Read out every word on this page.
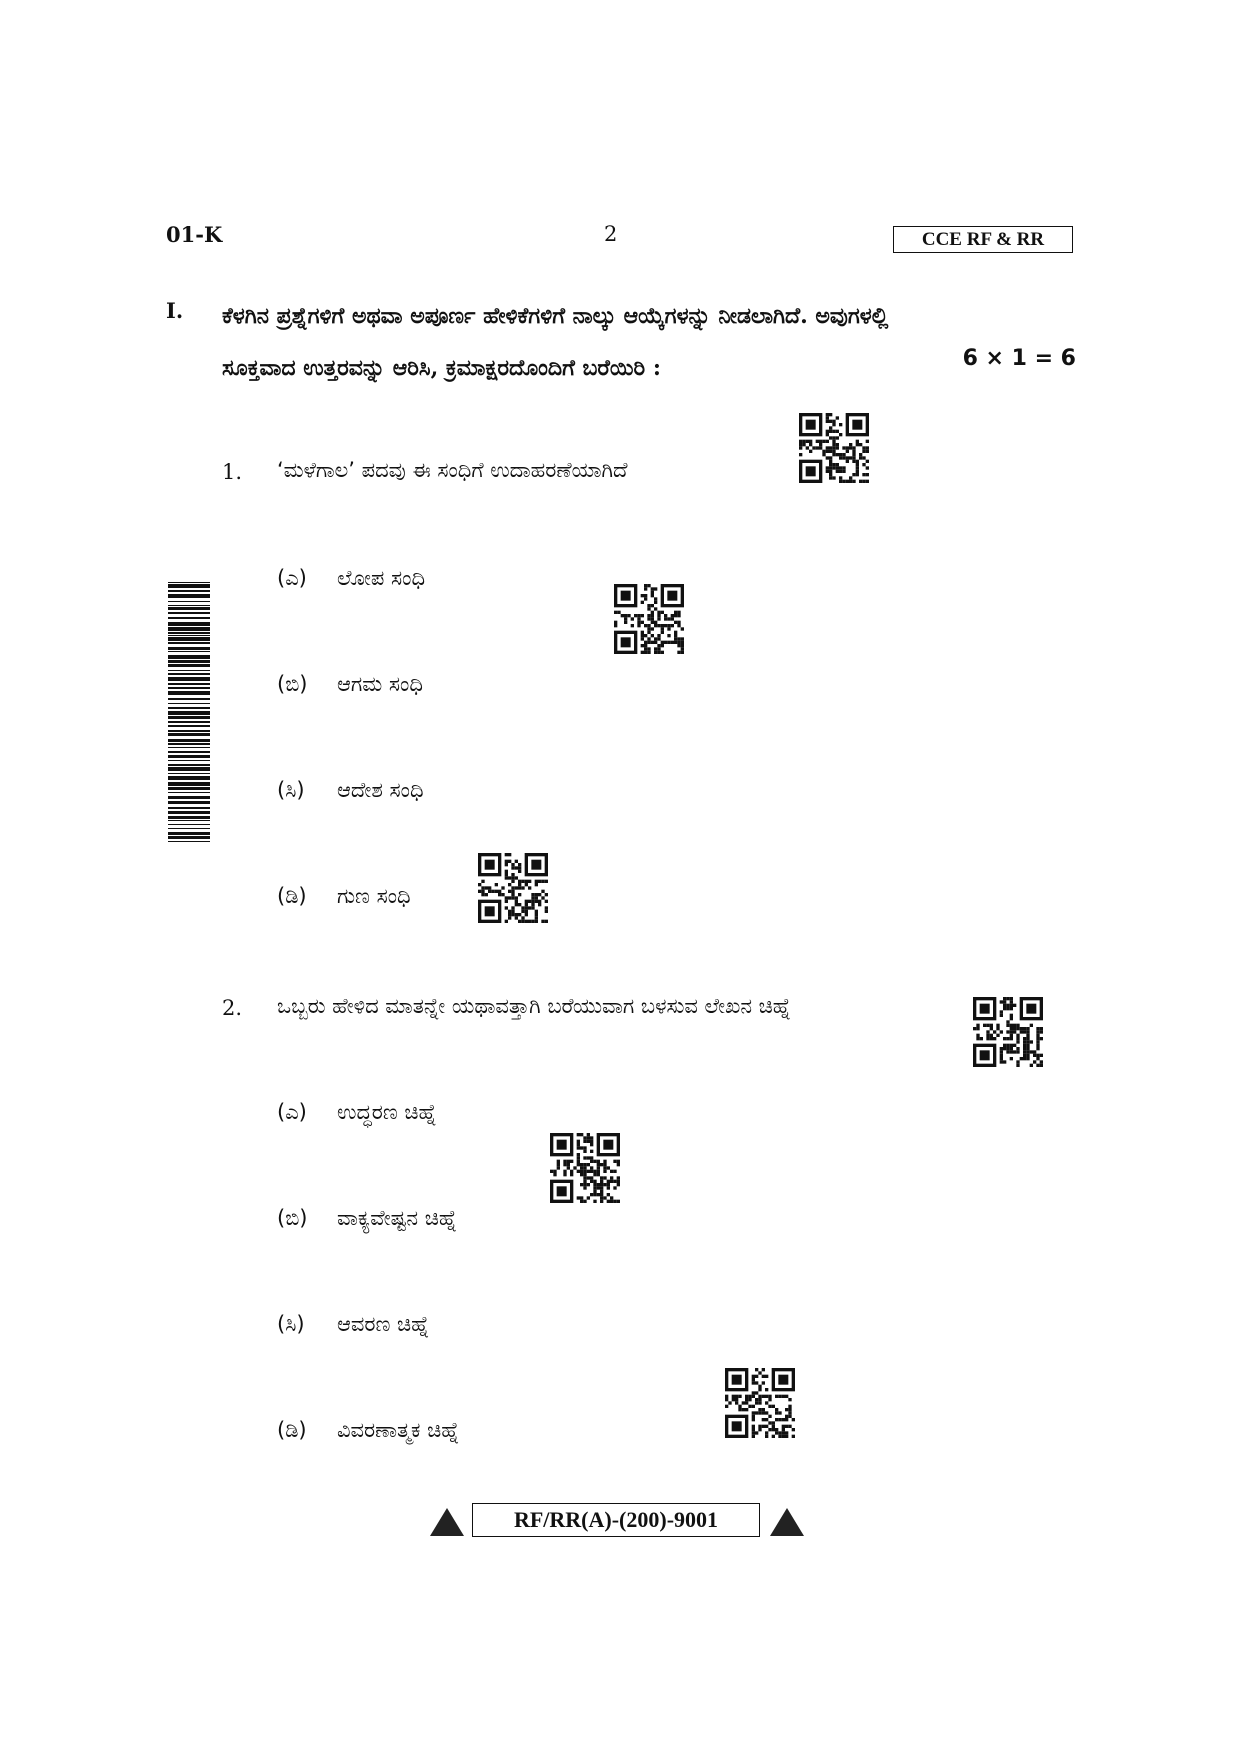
01-K	2	CCE RF & RR
I. ಕೆಳಗಿನ ಪ್ರಶ್ನೆಗಳಿಗೆ ಅಥವಾ ಅಪೂರ್ಣ ಹೇಳಿಕೆಗಳಿಗೆ ನಾಲ್ಕು ಆಯ್ಕೆಗಳನ್ನು ನೀಡಲಾಗಿದೆ. ಅವುಗಳಲ್ಲಿ
ಸೂಕ್ತವಾದ ಉತ್ತರವನ್ನು ಆರಿಸಿ, ಕ್ರಮಾಕ್ಷರದೊಂದಿಗೆ ಬರೆಯಿರಿ :	6 × 1 = 6
1. ‘ಮಳೆಗಾಲ’ ಪದವು ಈ ಸಂಧಿಗೆ ಉದಾಹರಣೆಯಾಗಿದೆ
(ಎ) ಲೋಪ ಸಂಧಿ
(ಬಿ) ಆಗಮ ಸಂಧಿ
(ಸಿ) ಆದೇಶ ಸಂಧಿ
(ಡಿ) ಗುಣ ಸಂಧಿ
2. ಒಬ್ಬರು ಹೇಳಿದ ಮಾತನ್ನೇ ಯಥಾವತ್ತಾಗಿ ಬರೆಯುವಾಗ ಬಳಸುವ ಲೇಖನ ಚಿಹ್ನೆ
(ಎ) ಉದ್ಧರಣ ಚಿಹ್ನೆ
(ಬಿ) ವಾಕ್ಯವೇಷ್ಟನ ಚಿಹ್ನೆ
(ಸಿ) ಆವರಣ ಚಿಹ್ನೆ
(ಡಿ) ವಿವರಣಾತ್ಮಕ ಚಿಹ್ನೆ
RF/RR(A)-(200)-9001
